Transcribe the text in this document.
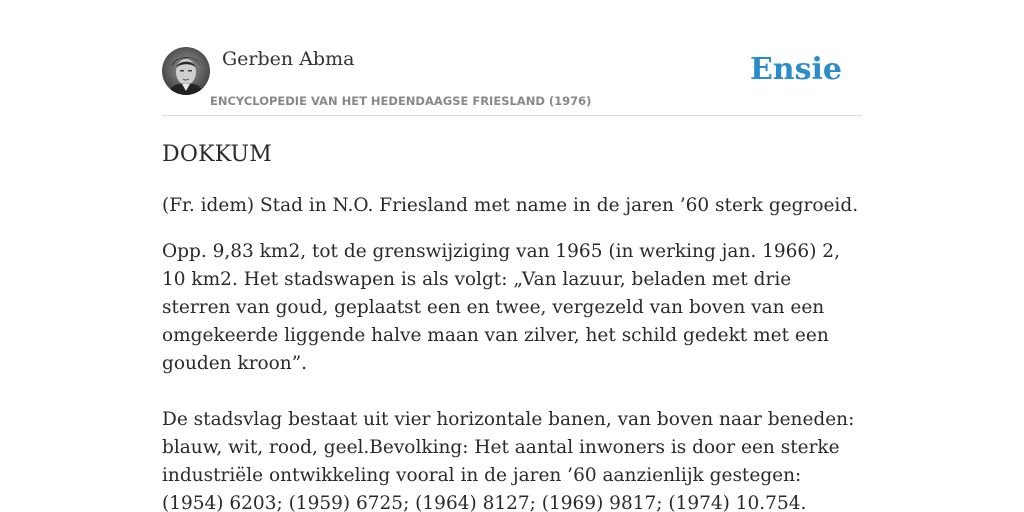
Gerben Abma
ENCYCLOPEDIE VAN HET HEDENDAAGSE FRIESLAND (1976)
Ensie
DOKKUM

(Fr. idem) Stad in N.O. Friesland met name in de jaren ’60 sterk gegroeid.

Opp. 9,83 km2, tot de grenswijziging van 1965 (in werking jan. 1966) 2, 10 km2. Het stadswapen is als volgt: „Van lazuur, beladen met drie sterren van goud, geplaatst een en twee, vergezeld van boven van een omgekeerde liggende halve maan van zilver, het schild gedekt met een gouden kroon”.

De stadsvlag bestaat uit vier horizontale banen, van boven naar beneden: blauw, wit, rood, geel.Bevolking: Het aantal inwoners is door een sterke industriële ontwikkeling vooral in de jaren ’60 aanzienlijk gestegen: (1954) 6203; (1959) 6725; (1964) 8127; (1969) 9817; (1974) 10.754.
